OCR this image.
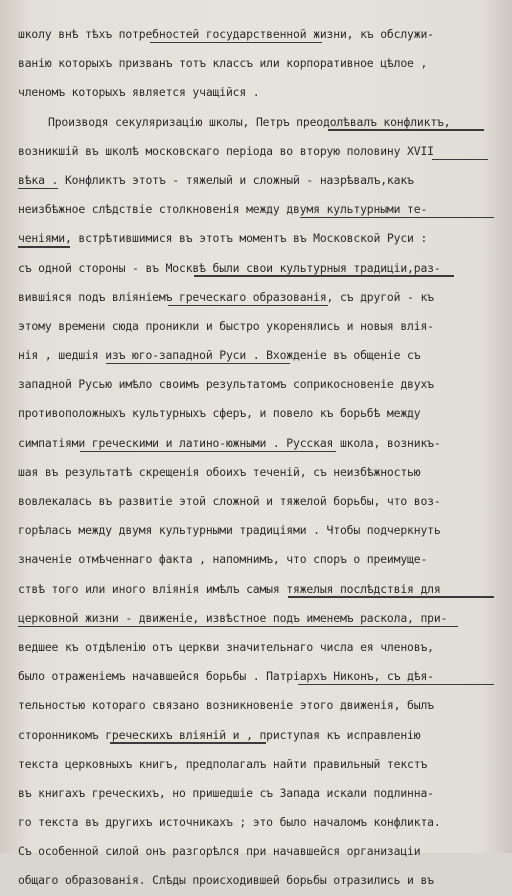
школу внѣ тѣхъ потребностей государственной жизни, къ обслужи-
ванію которыхъ призванъ тотъ классъ или корпоративное цѣлое ,
членомъ которыхъ является учащійся .
Производя секуляризацію школы, Петръ преодолѣвалъ конфликтъ,
возникшій въ школѣ московскаго періода во вторую половину XVII
вѣка . Конфликтъ этотъ - тяжелый и сложный - назрѣвалъ,какъ
неизбѣжное слѣдствіе столкновенія между двумя культурными те-
ченіями, встрѣтившимися въ этотъ моментъ въ Московской Руси :
съ одной стороны - въ Москвѣ были свои культурныя традиціи,раз-
вившіяся подъ вліяніемъ греческаго образованія, съ другой - къ
этому времени сюда проникли и быстро укоренялись и новыя влія-
нія , шедшія изъ юго-западной Руси . Вхожденіе въ общеніе съ
западной Русью имѣло своимъ результатомъ соприкосновеніе двухъ
противоположныхъ культурныхъ сферъ, и повело къ борьбѣ между
симпатіями греческими и латино-южными . Русская школа, возникъ-
шая въ результатѣ скрещенія обоихъ теченій, съ неизбѣжностью
вовлекалась въ развитіе этой сложной и тяжелой борьбы, что воз-
горѣлась между двумя культурными традиціями . Чтобы подчеркнуть
значеніе отмѣченнаго факта , напомнимъ, что споръ о преимуще-
ствѣ того или иного вліянія имѣлъ самыя тяжелыя послѣдствія для
церковной жизни - движеніе, извѣстное подъ именемъ раскола, при-
ведшее къ отдѣленію отъ церкви значительнаго числа ея членовъ,
было отраженіемъ начавшейся борьбы . Патріархъ Никонъ, съ дѣя-
тельностью котораго связано возникновеніе этого движенія, былъ
сторонникомъ греческихъ вліяній и , приступая къ исправленію
текста церковныхъ книгъ, предполагалъ найти правильный текстъ
въ книгахъ греческихъ, но пришедшіе съ Запада искали подлинна-
го текста въ другихъ источникахъ ; это было началомъ конфликта.
Съ особенной силой онъ разгорѣлся при начавшейся организаціи
общаго образованія. Слѣды происходившей борьбы отразились и въ
